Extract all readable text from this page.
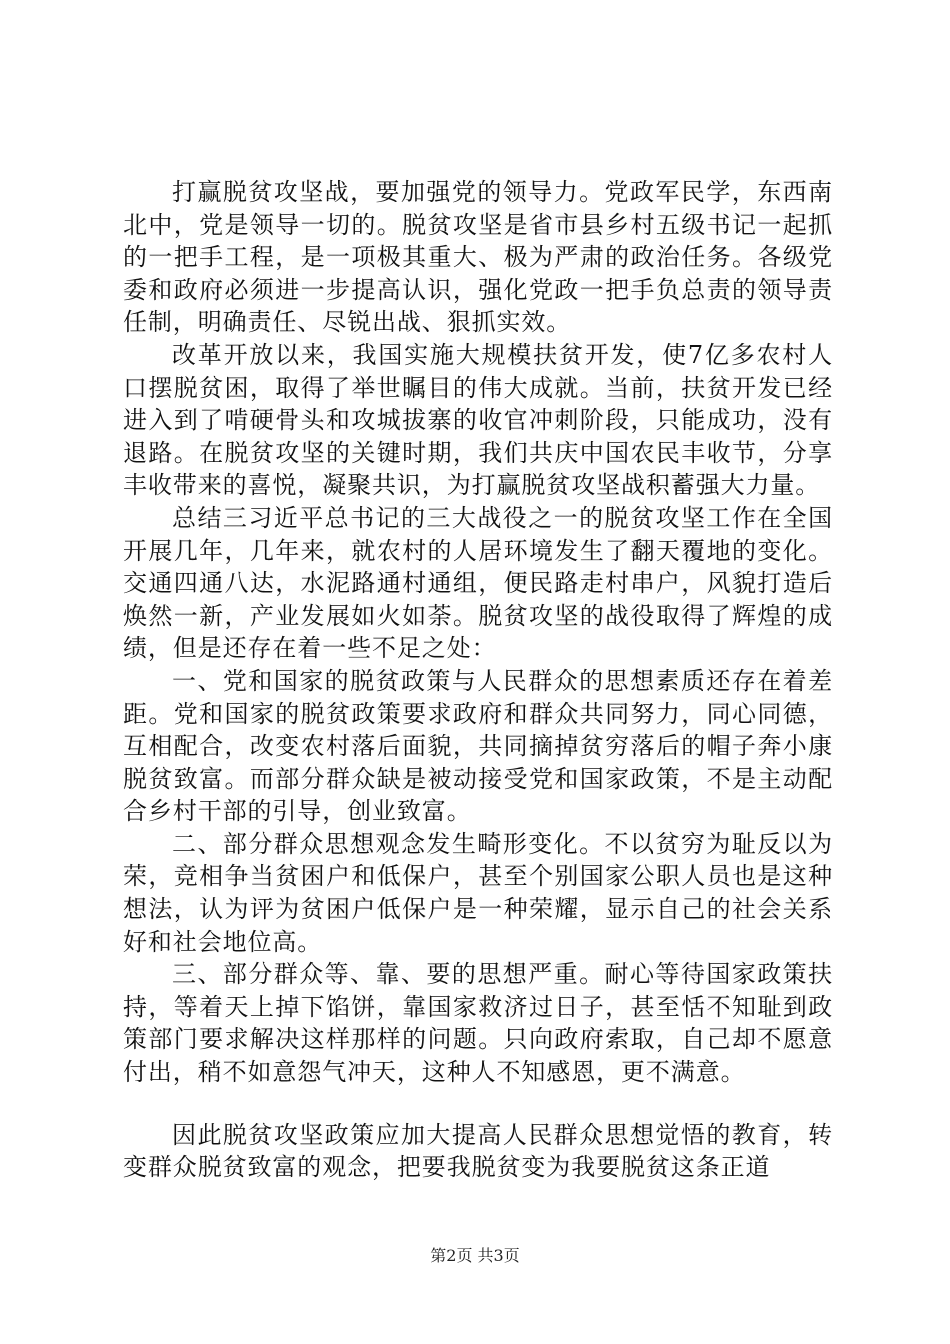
打赢脱贫攻坚战，要加强党的领导力。党政军民学，东西南北中，党是领导一切的。脱贫攻坚是省市县乡村五级书记一起抓的一把手工程，是一项极其重大、极为严肃的政治任务。各级党委和政府必须进一步提高认识，强化党政一把手负总责的领导责任制，明确责任、尽锐出战、狠抓实效。

改革开放以来，我国实施大规模扶贫开发，使7亿多农村人口摆脱贫困，取得了举世瞩目的伟大成就。当前，扶贫开发已经进入到了啃硬骨头和攻城拔寨的收官冲刺阶段，只能成功，没有退路。在脱贫攻坚的关键时期，我们共庆中国农民丰收节，分享丰收带来的喜悦，凝聚共识，为打赢脱贫攻坚战积蓄强大力量。

总结三习近平总书记的三大战役之一的脱贫攻坚工作在全国开展几年，几年来，就农村的人居环境发生了翻天覆地的变化。交通四通八达，水泥路通村通组，便民路走村串户，风貌打造后焕然一新，产业发展如火如荼。脱贫攻坚的战役取得了辉煌的成绩，但是还存在着一些不足之处：

一、党和国家的脱贫政策与人民群众的思想素质还存在着差距。党和国家的脱贫政策要求政府和群众共同努力，同心同德，互相配合，改变农村落后面貌，共同摘掉贫穷落后的帽子奔小康脱贫致富。而部分群众缺是被动接受党和国家政策，不是主动配合乡村干部的引导，创业致富。

二、部分群众思想观念发生畸形变化。不以贫穷为耻反以为荣，竞相争当贫困户和低保户，甚至个别国家公职人员也是这种想法，认为评为贫困户低保户是一种荣耀，显示自己的社会关系好和社会地位高。

三、部分群众等、靠、要的思想严重。耐心等待国家政策扶持，等着天上掉下馅饼，靠国家救济过日子，甚至恬不知耻到政策部门要求解决这样那样的问题。只向政府索取，自己却不愿意付出，稍不如意怨气冲天，这种人不知感恩，更不满意。

因此脱贫攻坚政策应加大提高人民群众思想觉悟的教育，转变群众脱贫致富的观念，把要我脱贫变为我要脱贫这条正道

第2页 共3页
